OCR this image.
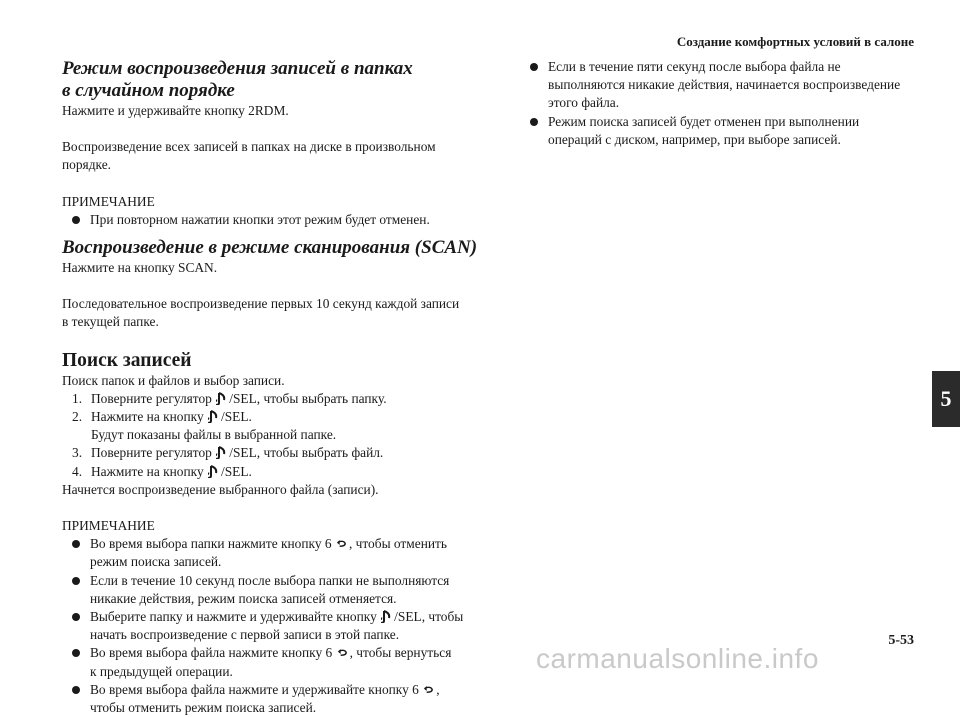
Создание комфортных условий в салоне
5
5-53
carmanualsonline.info
Режим воспроизведения записей в папках
в случайном порядке

Нажмите и удерживайте кнопку 2RDM.

Воспроизведение всех записей в папках на диске в произвольном
порядке.

ПРИМЕЧАНИЕ

При повторном нажатии кнопки этот режим будет отменен.
Воспроизведение в режиме сканирования (SCAN)

Нажмите на кнопку SCAN.

Последовательное воспроизведение первых 10 секунд каждой записи
в текущей папке.

Поиск записей

Поиск папок и файлов и выбор записи.

1. Поверните регулятор /SEL, чтобы выбрать папку.
2. Нажмите на кнопку /SEL.
Будут показаны файлы в выбранной папке.
3. Поверните регулятор /SEL, чтобы выбрать файл.
4. Нажмите на кнопку /SEL.

Начнется воспроизведение выбранного файла (записи).

ПРИМЕЧАНИЕ

Во время выбора папки нажмите кнопку 6 , чтобы отменить
режим поиска записей.
Если в течение 10 секунд после выбора папки не выполняются
никакие действия, режим поиска записей отменяется.
Выберите папку и нажмите и удерживайте кнопку /SEL, чтобы
начать воспроизведение с первой записи в этой папке.
Во время выбора файла нажмите кнопку 6 , чтобы вернуться
к предыдущей операции.
Во время выбора файла нажмите и удерживайте кнопку 6 ,
чтобы отменить режим поиска записей.
Если в течение пяти секунд после выбора файла не
выполняются никакие действия, начинается воспроизведение
этого файла.
Режим поиска записей будет отменен при выполнении
операций с диском, например, при выборе записей.
